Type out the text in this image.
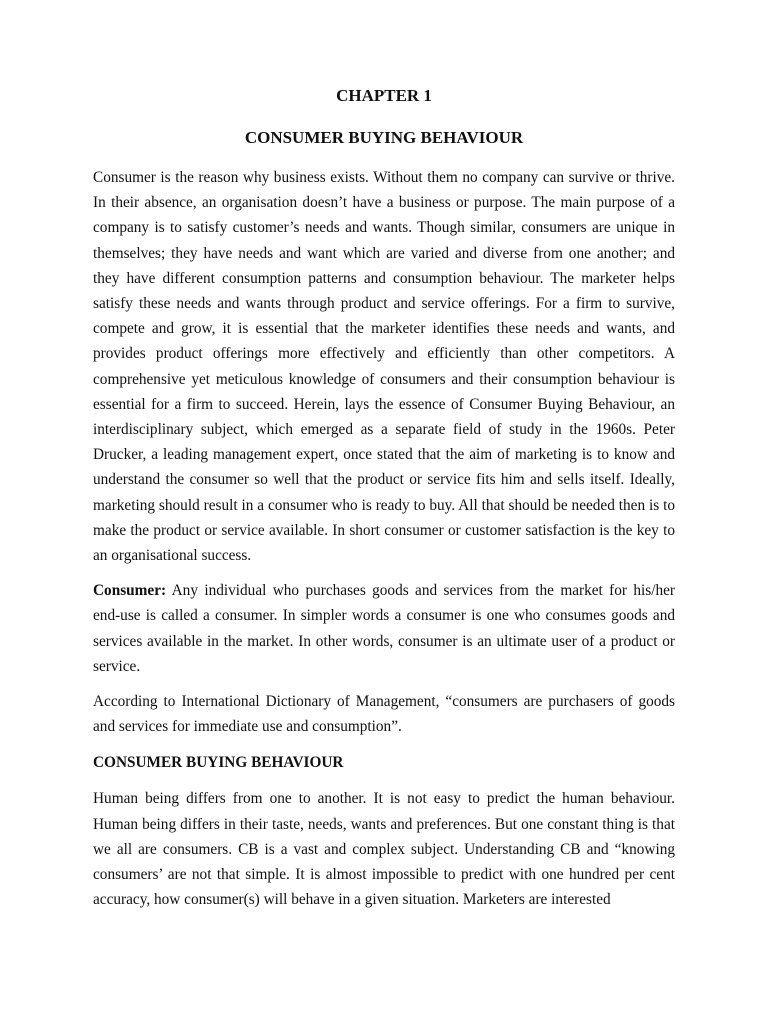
CHAPTER 1
CONSUMER BUYING BEHAVIOUR

Consumer is the reason why business exists. Without them no company can survive or thrive. In their absence, an organisation doesn’t have a business or purpose. The main purpose of a company is to satisfy customer’s needs and wants. Though similar, consumers are unique in themselves; they have needs and want which are varied and diverse from one another; and they have different consumption patterns and consumption behaviour. The marketer helps satisfy these needs and wants through product and service offerings. For a firm to survive, compete and grow, it is essential that the marketer identifies these needs and wants, and provides product offerings more effectively and efficiently than other competitors. A comprehensive yet meticulous knowledge of consumers and their consumption behaviour is essential for a firm to succeed. Herein, lays the essence of Consumer Buying Behaviour, an interdisciplinary subject, which emerged as a separate field of study in the 1960s. Peter Drucker, a leading management expert, once stated that the aim of marketing is to know and understand the consumer so well that the product or service fits him and sells itself. Ideally, marketing should result in a consumer who is ready to buy. All that should be needed then is to make the product or service available. In short consumer or customer satisfaction is the key to an organisational success.

Consumer: Any individual who purchases goods and services from the market for his/her end-use is called a consumer. In simpler words a consumer is one who consumes goods and services available in the market. In other words, consumer is an ultimate user of a product or service.

According to International Dictionary of Management, “consumers are purchasers of goods and services for immediate use and consumption”.

CONSUMER BUYING BEHAVIOUR

Human being differs from one to another. It is not easy to predict the human behaviour. Human being differs in their taste, needs, wants and preferences. But one constant thing is that we all are consumers. CB is a vast and complex subject. Understanding CB and “knowing consumers’ are not that simple. It is almost impossible to predict with one hundred per cent accuracy, how consumer(s) will behave in a given situation. Marketers are interested
